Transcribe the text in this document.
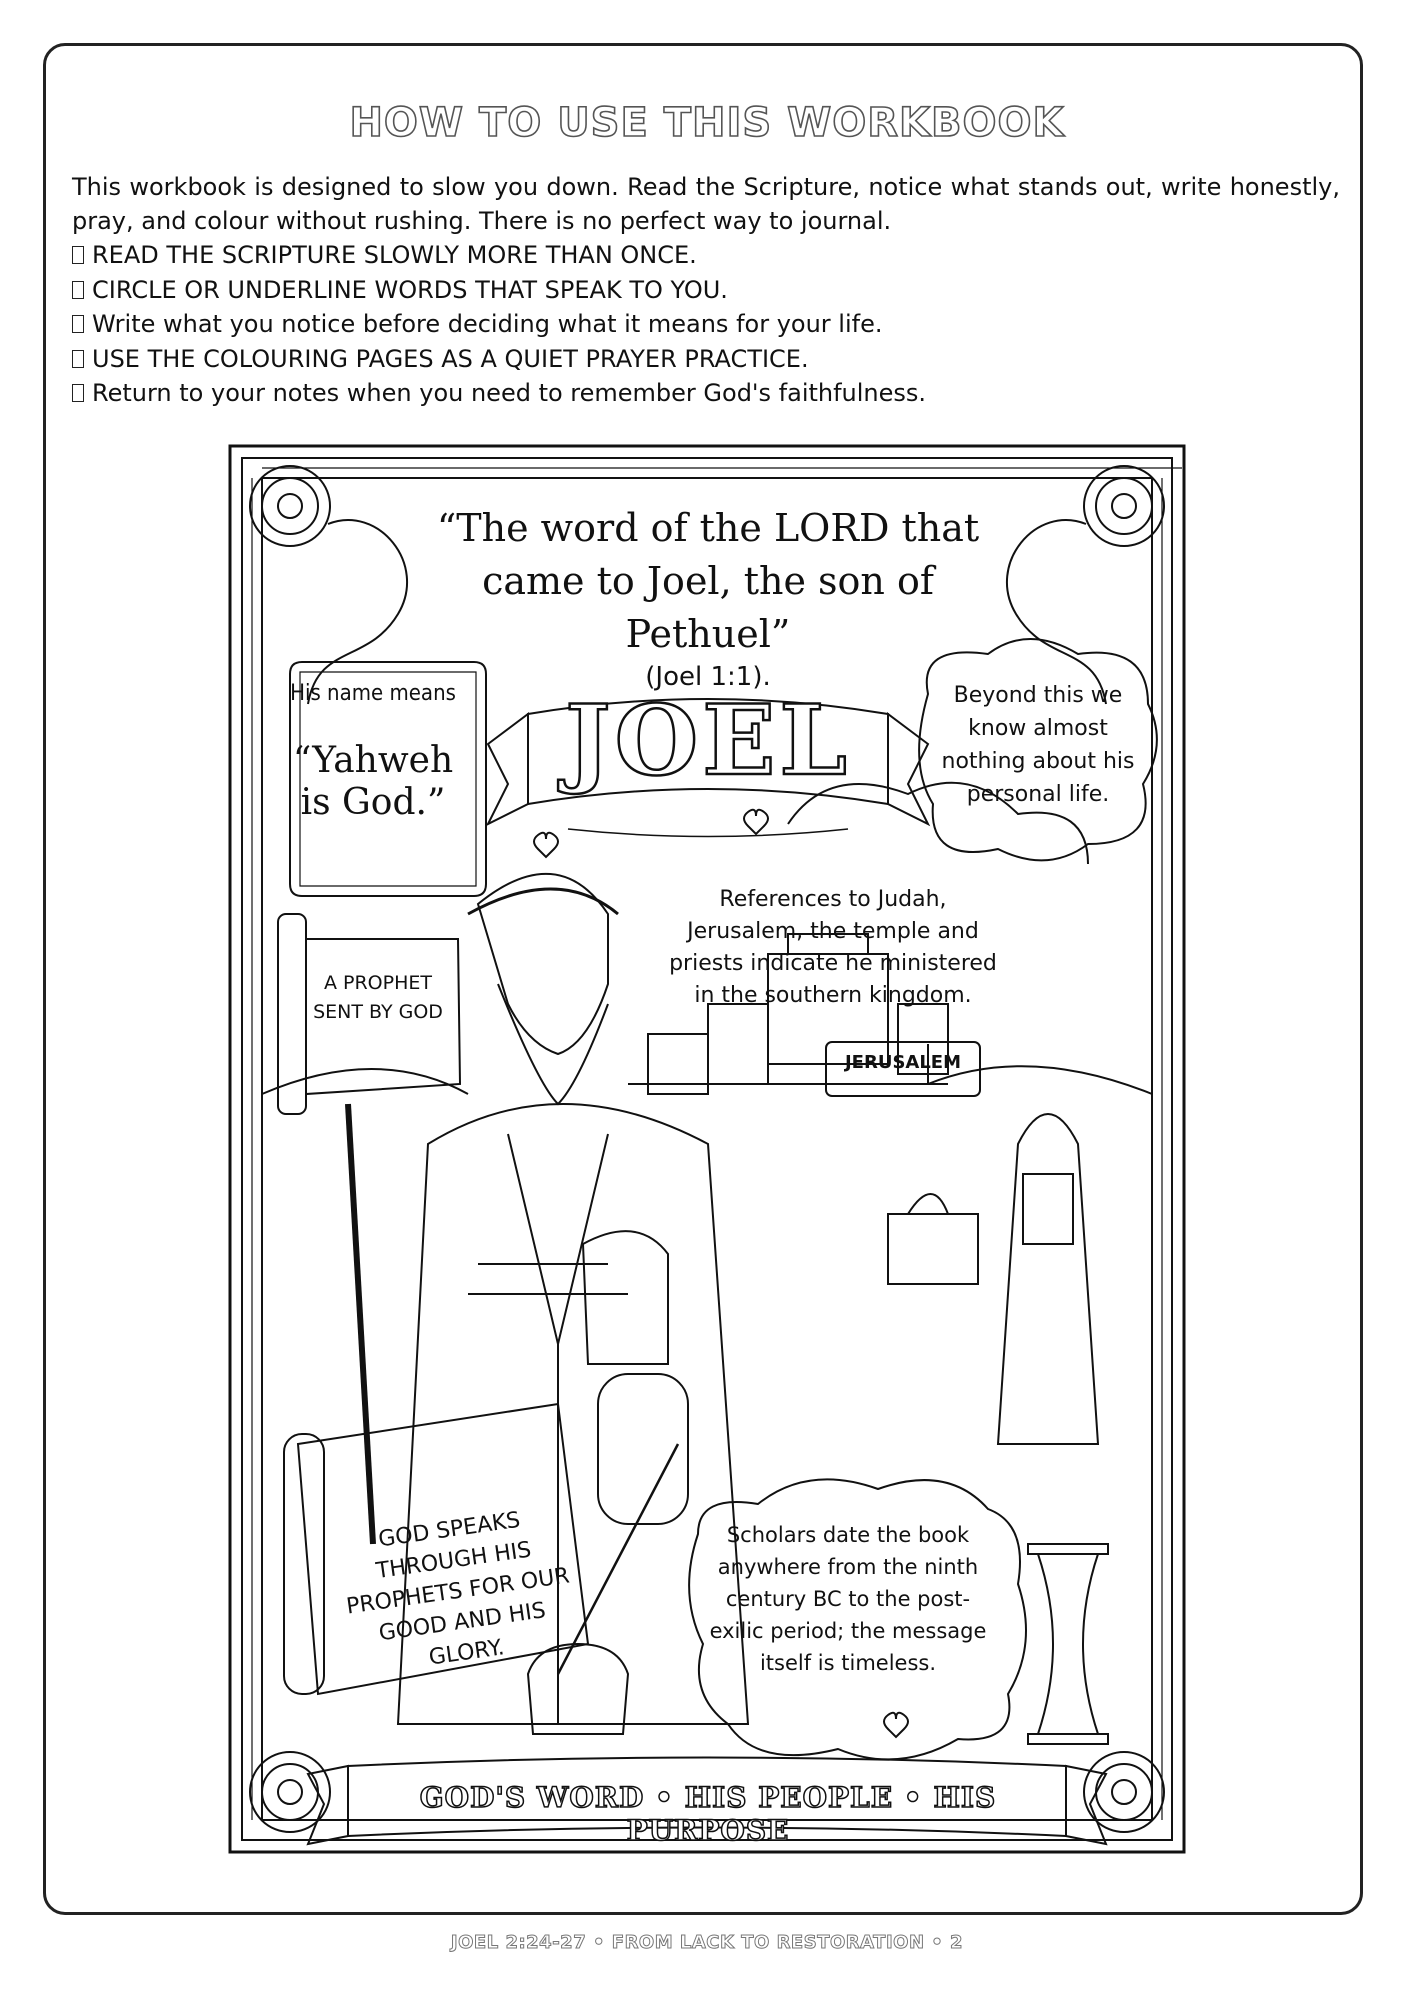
HOW TO USE THIS WORKBOOK
This workbook is designed to slow you down. Read the Scripture, notice what stands out, write honestly, pray, and colour without rushing. There is no perfect way to journal.
READ THE SCRIPTURE SLOWLY MORE THAN ONCE.
CIRCLE OR UNDERLINE WORDS THAT SPEAK TO YOU.
Write what you notice before deciding what it means for your life.
USE THE COLOURING PAGES AS A QUIET PRAYER PRACTICE.
Return to your notes when you need to remember God's faithfulness.
“The word of the LORD that came to Joel, the son of Pethuel”
(Joel 1:1).
His name means
“Yahweh is God.”
JOEL	Beyond this we know almost nothing about his personal life.
References to Judah, Jerusalem, the temple and priests indicate he ministered in the southern kingdom.
A PROPHET SENT BY GOD
JERUSALEM
GOD SPEAKS THROUGH HIS PROPHETS FOR OUR GOOD AND HIS GLORY.
Scholars date the book anywhere from the ninth century BC to the post-exilic period; the message itself is timeless.
GOD'S WORD • HIS PEOPLE • HIS PURPOSE
JOEL 2:24-27 • FROM LACK TO RESTORATION • 2
